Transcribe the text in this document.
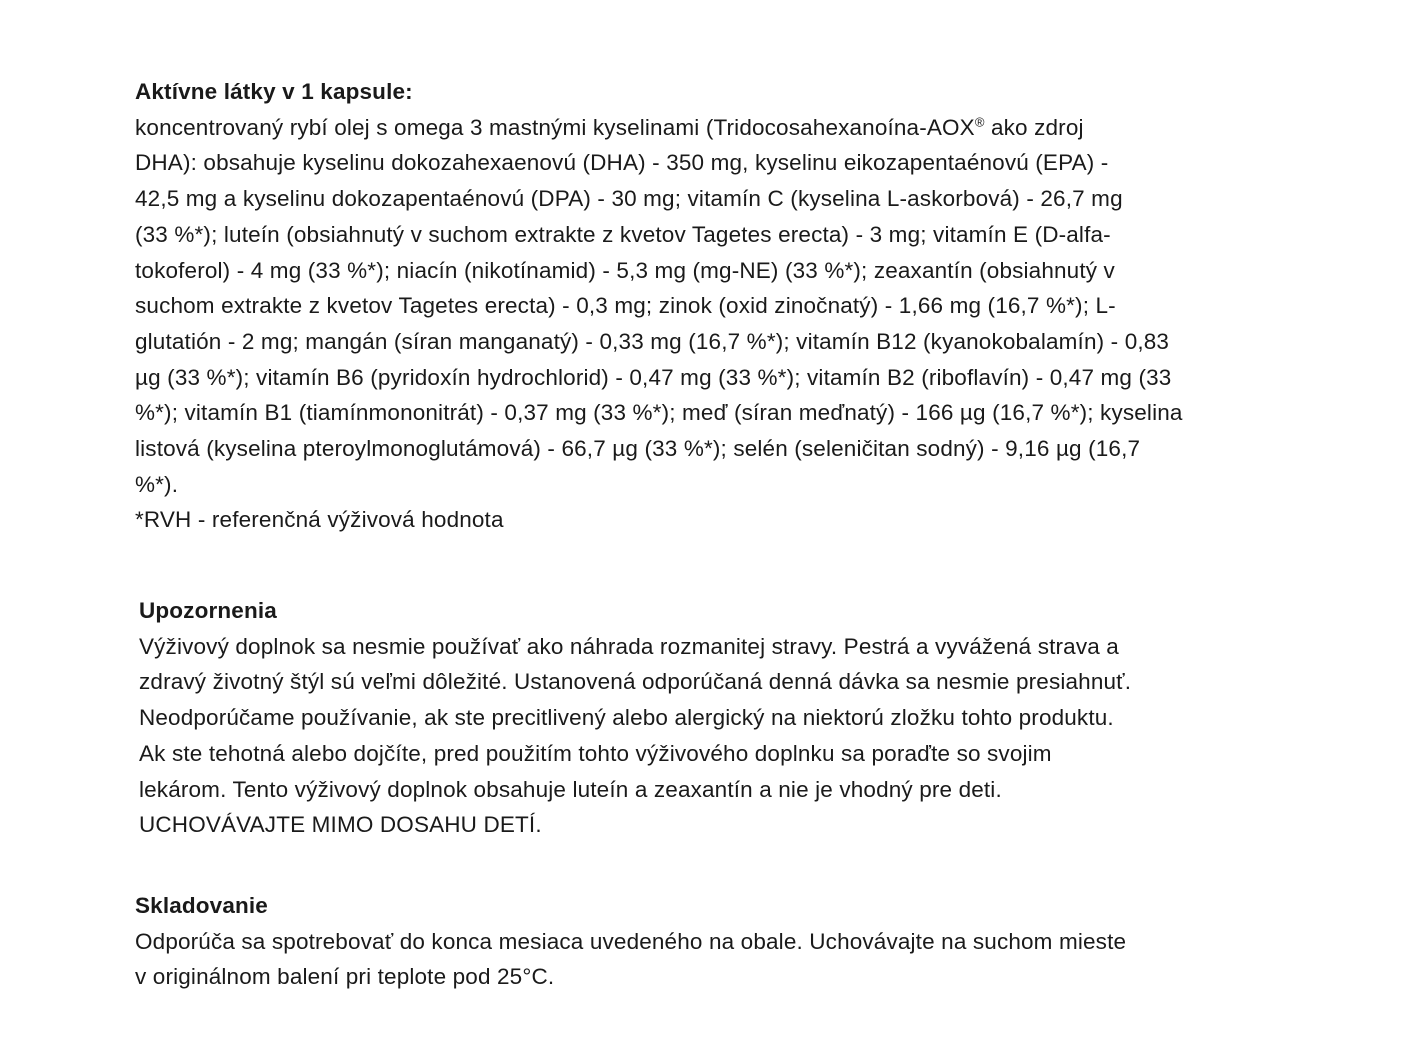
Aktívne látky v 1 kapsule:
koncentrovaný rybí olej s omega 3 mastnými kyselinami (Tridocosahexanoína-AOX® ako zdroj
DHA): obsahuje kyselinu dokozahexaenovú (DHA) - 350 mg, kyselinu eikozapentaénovú (EPA) -
42,5 mg a kyselinu dokozapentaénovú (DPA) - 30 mg; vitamín C (kyselina L-askorbová) - 26,7 mg
(33 %*); luteín (obsiahnutý v suchom extrakte z kvetov Tagetes erecta) - 3 mg; vitamín E (D-alfa-
tokoferol) - 4 mg (33 %*); niacín (nikotínamid) - 5,3 mg (mg-NE) (33 %*); zeaxantín (obsiahnutý v
suchom extrakte z kvetov Tagetes erecta) - 0,3 mg; zinok (oxid zinočnatý) - 1,66 mg (16,7 %*); L-
glutatión - 2 mg; mangán (síran manganatý) - 0,33 mg (16,7 %*); vitamín B12 (kyanokobalamín) - 0,83
µg (33 %*); vitamín B6 (pyridoxín hydrochlorid) - 0,47 mg (33 %*); vitamín B2 (riboflavín) - 0,47 mg (33
%*); vitamín B1 (tiamínmononitrát) - 0,37 mg (33 %*); meď (síran meďnatý) - 166 µg (16,7 %*); kyselina
listová (kyselina pteroylmonoglutámová) - 66,7 µg (33 %*); selén (seleničitan sodný) - 9,16 µg (16,7
%*).
*RVH - referenčná výživová hodnota
Upozornenia
Výživový doplnok sa nesmie používať ako náhrada rozmanitej stravy. Pestrá a vyvážená strava a
zdravý životný štýl sú veľmi dôležité. Ustanovená odporúčaná denná dávka sa nesmie presiahnuť.
Neodporúčame používanie, ak ste precitlivený alebo alergický na niektorú zložku tohto produktu.
Ak ste tehotná alebo dojčíte, pred použitím tohto výživového doplnku sa poraďte so svojim
lekárom. Tento výživový doplnok obsahuje luteín a zeaxantín a nie je vhodný pre deti.
UCHOVÁVAJTE MIMO DOSAHU DETÍ.
Skladovanie
Odporúča sa spotrebovať do konca mesiaca uvedeného na obale. Uchovávajte na suchom mieste
v originálnom balení pri teplote pod 25°C.
